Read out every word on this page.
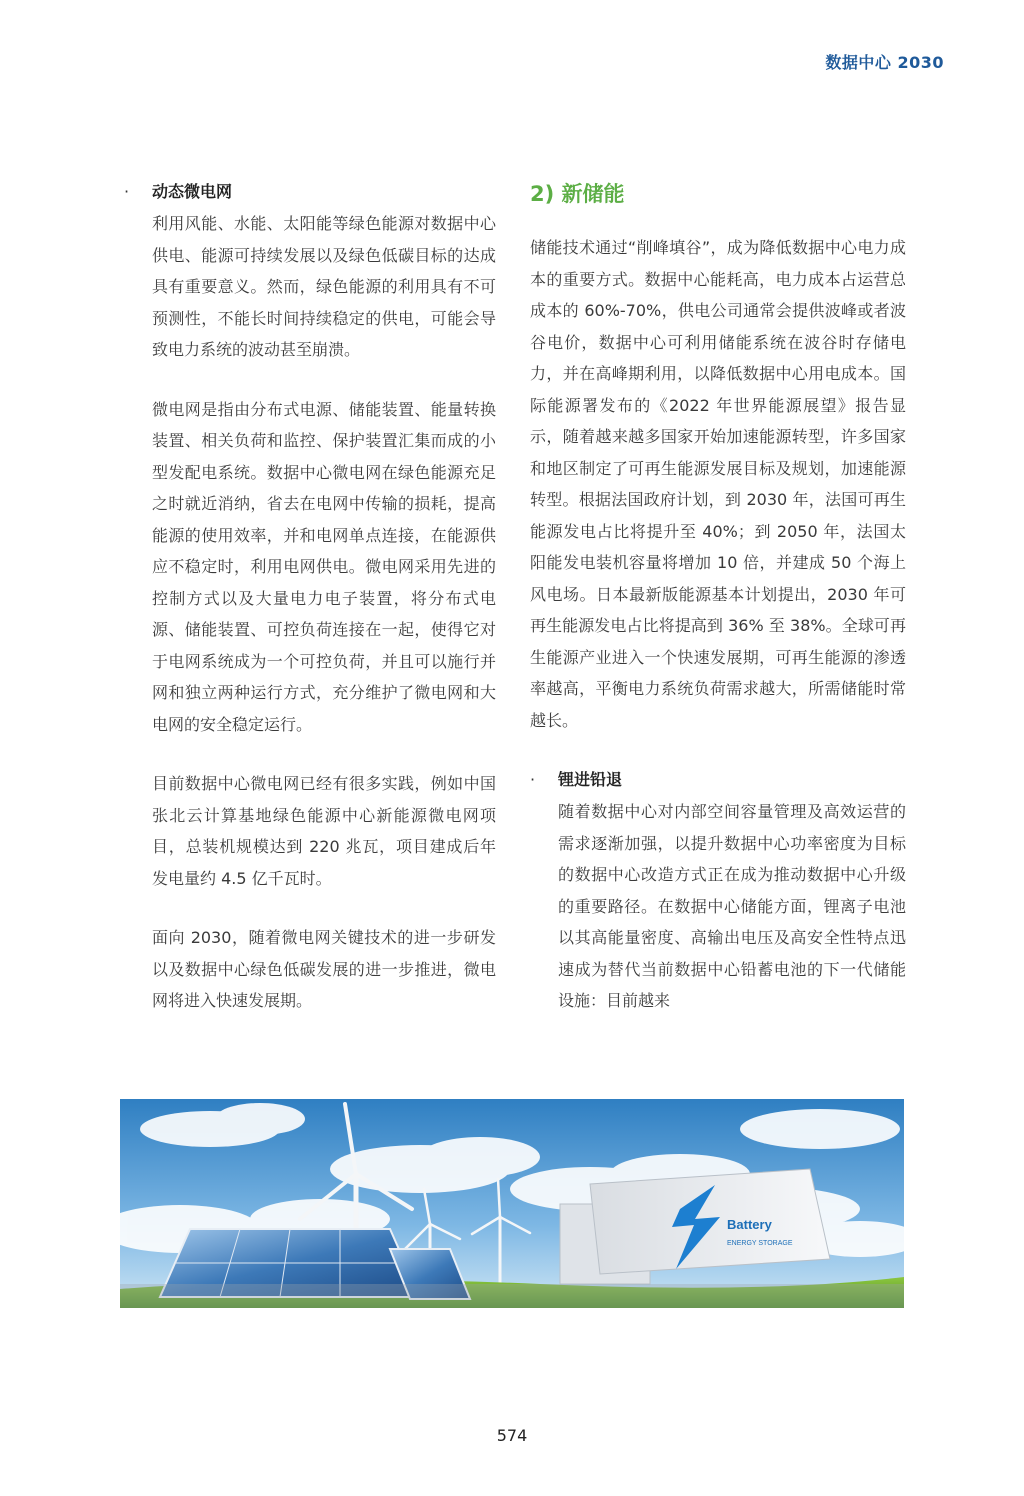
数据中心 2030
·	动态微电网

利用风能、水能、太阳能等绿色能源对数据中心供电、能源可持续发展以及绿色低碳目标的达成具有重要意义。然而，绿色能源的利用具有不可预测性，不能长时间持续稳定的供电，可能会导致电力系统的波动甚至崩溃。

微电网是指由分布式电源、储能装置、能量转换装置、相关负荷和监控、保护装置汇集而成的小型发配电系统。数据中心微电网在绿色能源充足之时就近消纳，省去在电网中传输的损耗，提高能源的使用效率，并和电网单点连接，在能源供应不稳定时，利用电网供电。微电网采用先进的控制方式以及大量电力电子装置，将分布式电源、储能装置、可控负荷连接在一起，使得它对于电网系统成为一个可控负荷，并且可以施行并网和独立两种运行方式，充分维护了微电网和大电网的安全稳定运行。

目前数据中心微电网已经有很多实践，例如中国张北云计算基地绿色能源中心新能源微电网项目，总装机规模达到 220 兆瓦，项目建成后年发电量约 4.5 亿千瓦时。

面向 2030，随着微电网关键技术的进一步研发以及数据中心绿色低碳发展的进一步推进，微电网将进入快速发展期。

2) 新储能

储能技术通过“削峰填谷”，成为降低数据中心电力成本的重要方式。数据中心能耗高，电力成本占运营总成本的 60%-70%，供电公司通常会提供波峰或者波谷电价，数据中心可利用储能系统在波谷时存储电力，并在高峰期利用，以降低数据中心用电成本。国际能源署发布的《2022 年世界能源展望》报告显示，随着越来越多国家开始加速能源转型，许多国家和地区制定了可再生能源发展目标及规划，加速能源转型。根据法国政府计划，到 2030 年，法国可再生能源发电占比将提升至 40%；到 2050 年，法国太阳能发电装机容量将增加 10 倍，并建成 50 个海上风电场。日本最新版能源基本计划提出，2030 年可再生能源发电占比将提高到 36% 至 38%。全球可再生能源产业进入一个快速发展期，可再生能源的渗透率越高，平衡电力系统负荷需求越大，所需储能时常越长。

·	锂进铅退

随着数据中心对内部空间容量管理及高效运营的需求逐渐加强，以提升数据中心功率密度为目标的数据中心改造方式正在成为推动数据中心升级的重要路径。在数据中心储能方面，锂离子电池以其高能量密度、高输出电压及高安全性特点迅速成为替代当前数据中心铅蓄电池的下一代储能设施：目前越来

Battery
ENERGY STORAGE
574
